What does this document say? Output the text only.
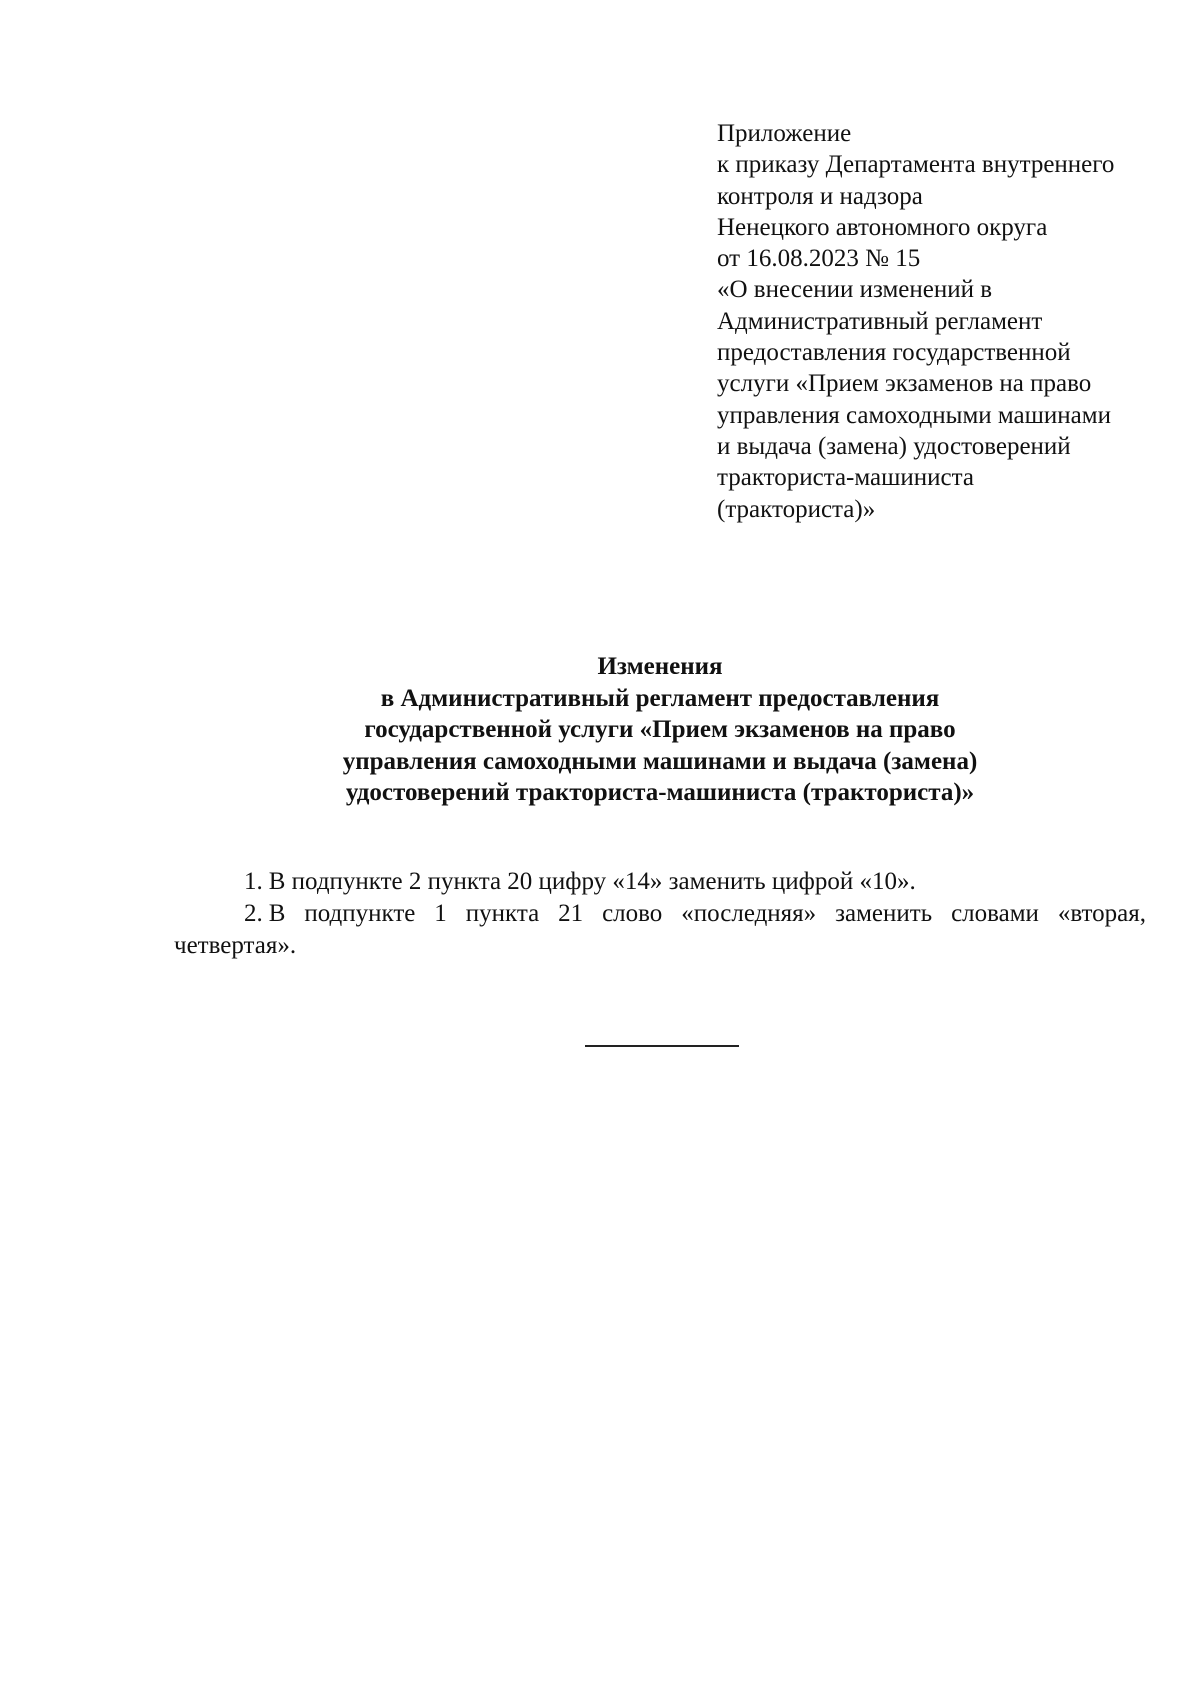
Приложение
к приказу Департамента внутреннего
контроля и надзора
Ненецкого автономного округа
от 16.08.2023 № 15
«О внесении изменений в
Административный регламент
предоставления государственной
услуги «Прием экзаменов на право
управления самоходными машинами
и выдача (замена) удостоверений
тракториста-машиниста
(тракториста)»
Изменения
в Административный регламент предоставления
государственной услуги «Прием экзаменов на право
управления самоходными машинами и выдача (замена)
удостоверений тракториста-машиниста (тракториста)»

1. В подпункте 2 пункта 20 цифру «14» заменить цифрой «10».

2. В подпункте 1 пункта 21 слово «последняя» заменить словами «вторая, четвертая».
